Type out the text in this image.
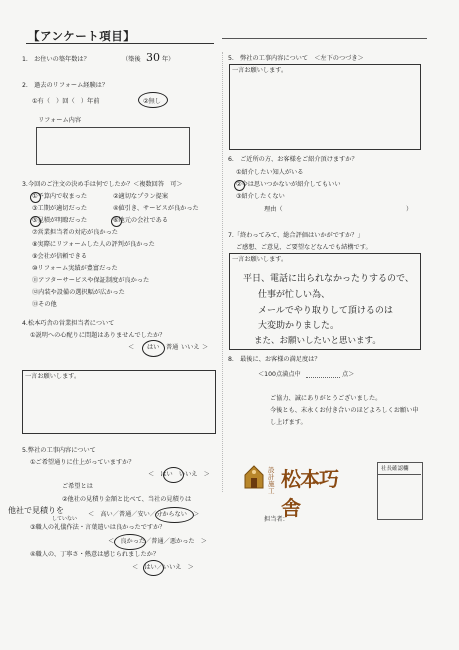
【アンケート項目】
1.　お住いの築年数は？	（築後 30 年）
2.　過去のリフォーム経験は？
①有（　）回（　）年前	②無し
リフォーム内容
3.今回のご注文の決め手は何でしたか？＜複数回答　可＞
①予算内で収まった	②適切なプラン提案
③工期が適切だった	④値引き、サービスが良かった
⑤見積が明瞭だった	⑥地元の会社である
⑦営業担当者の対応が良かった
⑧実際にリフォームした人の評判が良かった
⑨会社が信頼できる
⑩リフォーム実績が豊富だった
⑪アフターサービスや保証制度が良かった
⑫内装や設備の選択幅が広かった
⑬その他
4.松本巧舎の営業担当者について
①説明への心配りに問題はありませんでしたか？
＜ はい 普通 いいえ ＞
一言お願いします。
5.弊社の工事内容について
①ご希望通りに仕上がっていますか？
＜　はい　いいえ　＞
ご希望とは
②他社の見積り金額と比べて、当社の見積りは
他社で見積りを
していない
＜　高い／普通／安い／分からない　＞
③職人の礼儀作法・言葉遣いは良かったですか？
＜　良かった／普通／悪かった　＞
④職人の、丁寧さ・熱意は感じられましたか？
＜　はい／いいえ　＞
5.　弊社の工事内容について　＜左下のつづき＞
一言お願いします。
6.　ご近所の方、お客様をご紹介頂けますか？
①紹介したい知人がいる
②今は思いつかないが紹介してもいい
③紹介したくない
理由（	）
7.「終わってみて、総合評価はいかがですか？」
ご感想、ご意見、ご要望などなんでも結構です。
一言お願いします。
平日、電話に出られなかったりするので、
仕事が忙しい為、
メールでやり取りして頂けるのは
大変助かりました。
また、お願いしたいと思います。
8.　最後に、お客様の満足度は？
＜100点満点中	点＞
ご協力、誠にありがとうございました。
今後とも、末永くお付き合いのほどよろしくお願い申
し上げます。
設計施工 松本巧舎
社長確認欄
担当者：
